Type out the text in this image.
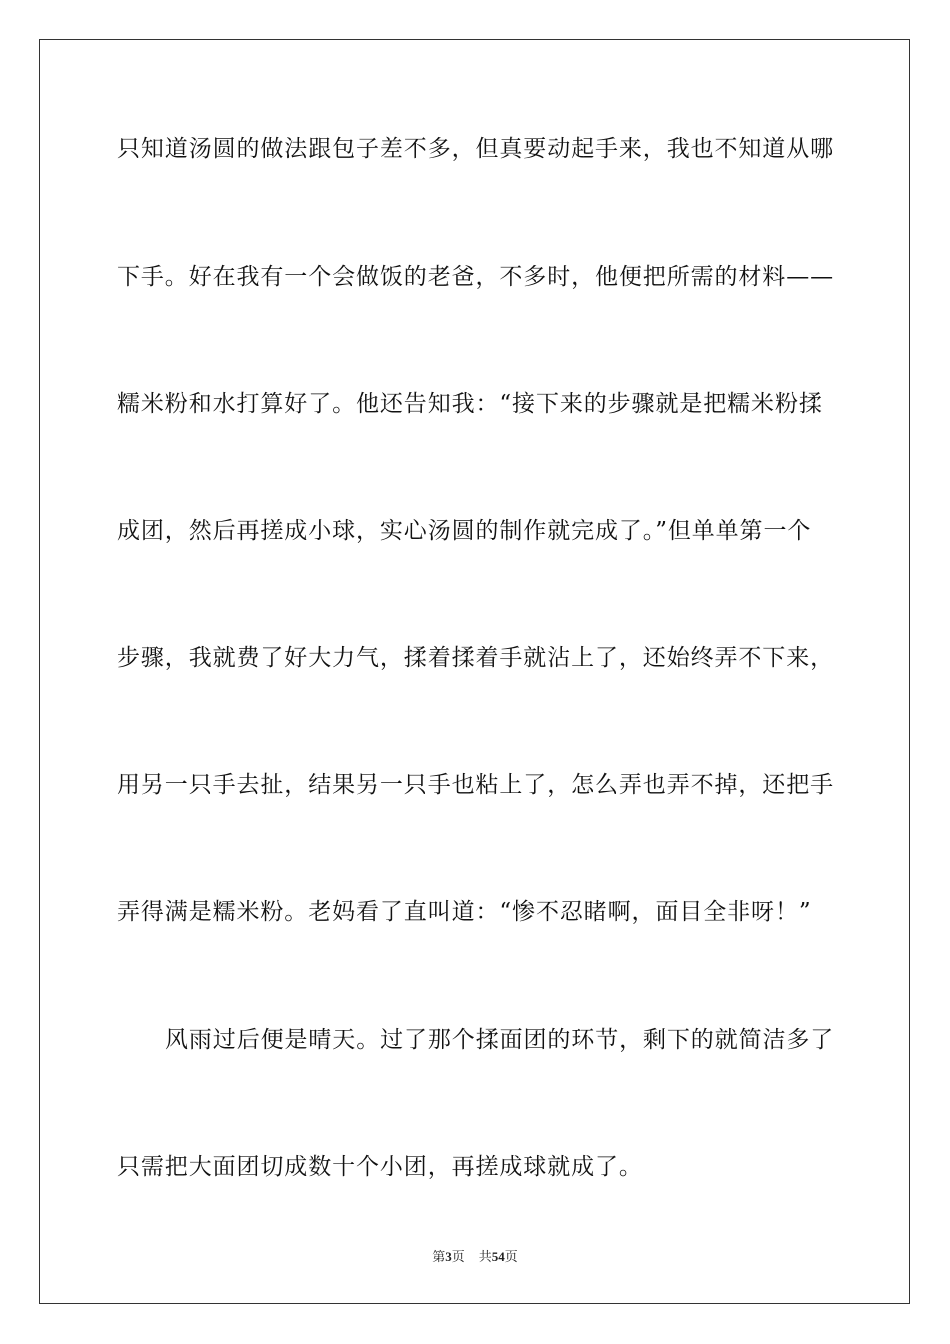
只知道汤圆的做法跟包子差不多，但真要动起手来，我也不知道从哪
下手。好在我有一个会做饭的老爸，不多时，他便把所需的材料——
糯米粉和水打算好了。他还告知我：“接下来的步骤就是把糯米粉揉
成团，然后再搓成小球，实心汤圆的制作就完成了。”但单单第一个
步骤，我就费了好大力气，揉着揉着手就沾上了，还始终弄不下来，
用另一只手去扯，结果另一只手也粘上了，怎么弄也弄不掉，还把手
弄得满是糯米粉。老妈看了直叫道：“惨不忍睹啊，面目全非呀！”
风雨过后便是晴天。过了那个揉面团的环节，剩下的就简洁多了
只需把大面团切成数十个小团，再搓成球就成了。
第3页 共54页
